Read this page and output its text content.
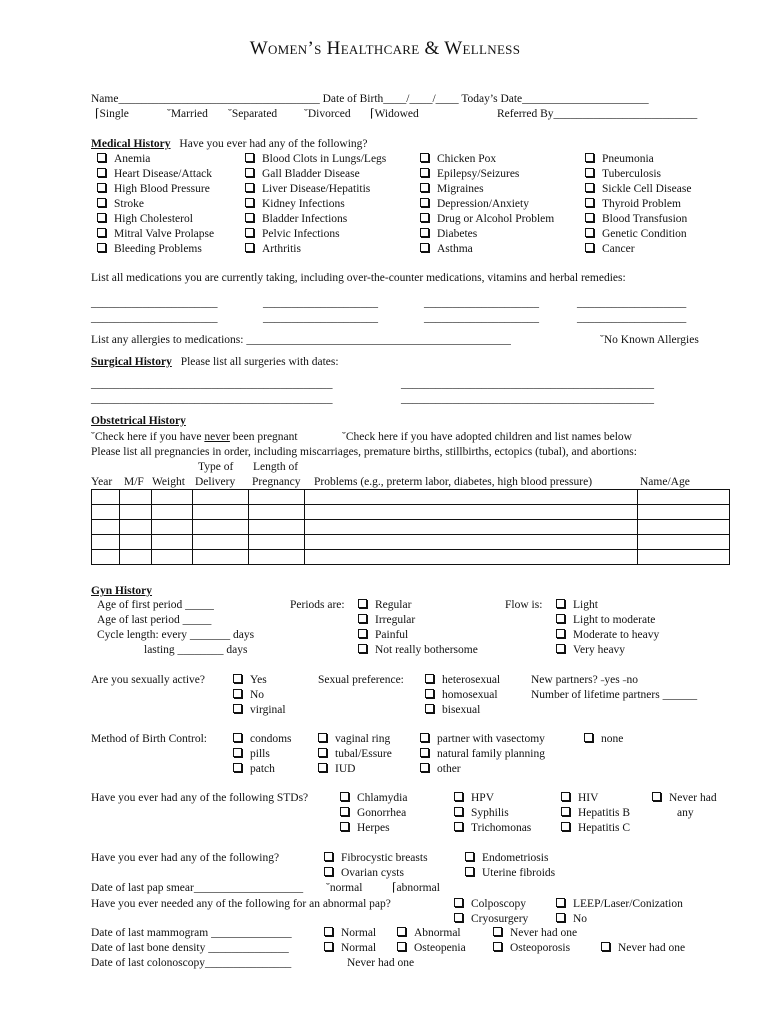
Women’s Healthcare & Wellness
Name___________________________________ Date of Birth____/____/____ Today’s Date______________________
Referred By_________________________
⌈Single	˘Married ˘Separated ˘Divorced ⌈Widowed
Medical History Have you ever had any of the following?
Anemia
Heart Disease/Attack
High Blood Pressure
Stroke
High Cholesterol
Mitral Valve Prolapse
Bleeding Problems
Blood Clots in Lungs/Legs
Gall Bladder Disease
Liver Disease/Hepatitis
Kidney Infections
Bladder Infections
Pelvic Infections
Arthritis
Chicken Pox
Epilepsy/Seizures
Migraines
Depression/Anxiety
Drug or Alcohol Problem
Diabetes
Asthma
Pneumonia
Tuberculosis
Sickle Cell Disease
Thyroid Problem
Blood Transfusion
Genetic Condition
Cancer
List all medications you are currently taking, including over-the-counter medications, vitamins and herbal remedies:
______________________	____________________	____________________	___________________
______________________	____________________	____________________	___________________
List any allergies to medications: ______________________________________________	˘No Known Allergies
Surgical History Please list all surgeries with dates:
__________________________________________	____________________________________________
__________________________________________	____________________________________________
Obstetrical History
˘Check here if you have never been pregnant	˘Check here if you have adopted children and list names below
Please list all pregnancies in order, including miscarriages, premature births, stillbirths, ectopics (tubal), and abortions:
Type of Length of
Year M/F Weight Delivery Pregnancy Problems (e.g., preterm labor, diabetes, high blood pressure)	Name/Age

Gyn History
Age of first period _____
Age of last period _____
Cycle length: every _______ days
lasting ________ days
Periods are:	Regular
Irregular
Painful
Not really bothersome
Flow is:	Light
Light to moderate
Moderate to heavy
Very heavy
Are you sexually active?	Yes
No
virginal
Sexual preference:	heterosexual
homosexual
bisexual
New partners? ˗yes ˗no
Number of lifetime partners ______
Method of Birth Control:	condoms
pills
patch
vaginal ring
tubal/Essure
IUD
partner with vasectomy
natural family planning
other
none
Have you ever had any of the following STDs?	Chlamydia
Gonorrhea
Herpes
HPV
Syphilis
Trichomonas
HIV
Hepatitis B
Hepatitis C
Never had
any
Have you ever had any of the following?	Fibrocystic breasts
Ovarian cysts
Endometriosis
Uterine fibroids
Date of last pap smear___________________ ˘normal	⌈abnormal
Have you ever needed any of the following for an abnormal pap?	Colposcopy
Cryosurgery
LEEP/Laser/Conization
No
Date of last mammogram ______________	Normal	Abnormal	Never had one
Date of last bone density ______________	Normal	Osteopenia	Osteoporosis	Never had one
Date of last colonoscopy_______________	Never had one
